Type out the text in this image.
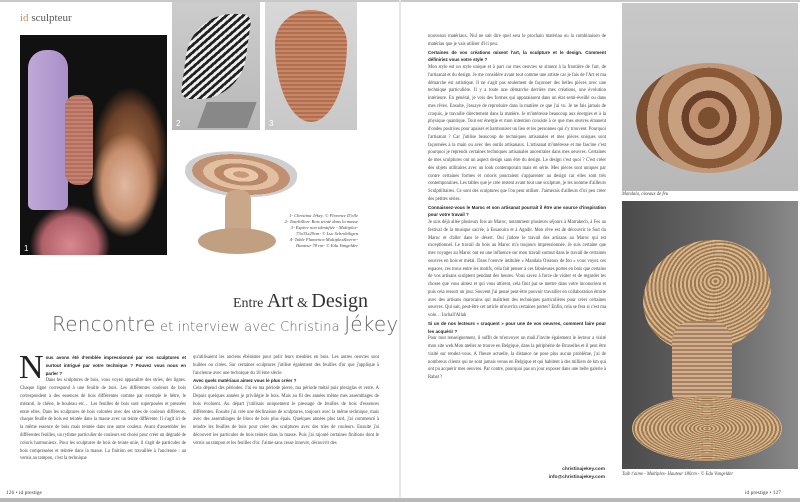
id sculpteur
1
2	3
1- Christina Jékey. © Florence D'elle
2- Tourbillon- Bois teinté dans la masse
3- Espèce non identifiée - Multiplex-
73x35x29cm- © Luc Schrobiltgen
4- Table Flamenco-Multiplex&verre-
Hauteur 78 cm- © Edu Vangelder
Entre Art & Design
Rencontre et interview avec Christina Jékey
N ous avons été d'emblée impressionné par vos sculptures et surtout intrigué par votre technique ? Pouvez vous nous en parler ?

Dans les sculptures de bois, vous voyez apparaître des stries, des lignes. Chaque ligne correspond à une feuille de bois. Les différentes couleurs de bois correspondent à des essences de bois différentes comme par exemple le hêtre, le méranti, le chêne, le bouleau etc… Les feuilles de bois sont superposées et pressées entre elles. Dans les sculptures de bois colorées avec des stries de couleurs différents, chaque feuille de bois est teintée dans la masse avec un teinte différente. Il s'agit ici de la même essence de bois mais teintée dans une autre couleur. Avant d'assembler les différentes feuilles, un rythme particulier de couleurs est choisi pour créer un dégradé de coloris harmonieux. Pour les sculptures de bois de teinte unie, il s'agit de particules de bois compressées et teintée dans la masse. La finition est travaillée à l'ancienne : au vernis au tampon, c'est la technique

qu'utilisaient les anciens ébénistes pour polir leurs meubles en bois. Les autres oeuvres sont huilées ou cirées. Sur certaines sculptures j'utilise également des feuilles d'or que j'applique à l'ancienne avec une technique du 18 ème siècle.

Avec quels matériaux aimez vous le plus créer ?

Cela dépend des périodes. J'ai eu ma période pierre, ma période métal puis plexiglas et verre. A Depuis quelques années je privilégie le bois. Mais au fil des années même mes assemblages de bois évoluent. Au départ j'utilisais uniquement le pressage de feuilles de bois d'essences différentes. Ensuite j'ai crée une déclinaison de sculptures, toujours avec la même technique, mais avec des assemblages de blocs de bois plus épais. Quelques années plus tard, j'ai commencé à teindre les feuilles de bois pour créer des sculptures avec des tries de couleurs. Ensuite j'ai découvert les particules de bois teintés dans la masse. Puis j'ai rajouté certaines finitions dont le vernis au tampon et les feuilles d'or. J'aime sans cesse innover, découvrir des

126 • id prestige

nouveaux matériaux. Nul ne sait dire quel sera le prochain matériau ou la combinaison de matériau que je vais utiliser d'ici peu.

Certaines de vos créations mixent l'art, la sculpture et le design. Comment définiriez vous votre style ?

Mon style est un style unique et à part car mes oeuvres se situent à la frontière de l'art, de l'artisanat et du design. Je me considère avant tout comme une artiste car je fais de l'Art et ma démarche est artistique. Il ne s'agit pas seulement de façonner des belles pièces avec une technique particulière. Il y a toute une démarche derrière mes créations, une évolution intérieure. En général, je vois des formes qui apparaissent dans un état semi-éveillé ou dans mes rêves. Ensuite, j'essaye de reproduire dans la matière ce que j'ai vu. Je ne fais jamais de croquis, je travaille directement dans la matière. Je m'intéresse beaucoup aux énergies et à la physique quantique. Tout est énergie et mon intention consiste à ce que mes œuvres émanent d'ondes positives pour apaiser et harmoniser un lieu et les personnes qui s'y trouvent. Pourquoi l'artisanat ? Car j'utilise beaucoup de techniques artisanales et mes pièces uniques sont façonnées à la main ou avec des outils artisanaux. L'artisanat m'intéresse et me fascine c'est pourquoi je reprends certaines techniques artisanales ancestrales dans mes oeuvres. Certaines de mes sculptures ont un aspect design sans être du design. Le design c'est quoi ? C'est créer des objets utilitaires avec un look contemporain mais en série. Mes pièces sont uniques par contre certaines formes et coloris pourraient s'apparenter au design car elles sont très contemporaines. Les tables que je crée restent avant tout une sculpture, je les nomme d'ailleurs Sculptilitaires. Ce sont des sculptures que l'on peut utiliser. J'aimerais d'ailleurs d'ici peu créer des petites séries.

Connaissez-vous le Maroc et son artisanat pourrait il être une source d'inspiration pour votre travail ?

Je suis déjà allée plusieurs fois au Maroc, notamment plusieurs séjours à Marrakech, à Fes au festival de la musique sacrée, à Essaouira et à Agadir. Mon rêve est de découvrir le Sud du Maroc et d'aller dans le désert. Oui j'adore le travail des artisans au Maroc qui est exceptionnel. Le travail du bois au Maroc m'a toujours impressionnée. Je suis certaine que mes voyages au Maroc ont eu une influence sur mon travail surtout dans le travail de certaines oeuvres en bois et métal. Dans l'oeuvre intitulée « Mandala Oiseaux de feu » vous voyez ces espaces, ces trous entre les motifs, cela fait penser à ces fabuleuses portes en bois que certains de vos artisans sculptent pendant des heures. Vous savez à force de visiter et de regarder les choses que vous aimez et qui vous attirent, cela finit par se mettre dans votre inconscient et puis cela ressort un jour. Souvent j'ai pensé peut-être pouvoir travailler en collaboration étroite avec des artisans marocains qui maîtrient des techniques particulières pour créer certaines oeuvres. Qui sait, peut-être cet article m'ouvrira certaines portes? Enfin, cela se fera si c'est ma voie… Inchall'Allah

Si un de nos lecteurs « craquent » pour une de vos oeuvres, comment faire pour les acquérir ?

Pour tout renseignement, il suffit de m'envoyer un mail.J'invite également le lecteur a visité mon site web.Mon atelier se trouve en Belgique, dans la périphérie de Bruxelles et il peut être visité sur rendez-vous. A l'heure actuelle, la distance ne pose plus aucun problème, j'ai de nombreux clients qui ne sont jamais venus en Belgique et qui habitent à des milliers de km qui ont pu acquérir mes oeuvres. Par contre, pourquoi pas un jour exposer dans une belle galerie à Rabat ?

christinajekey.com
info@christinajekey.com
Mandala, oiseaux de feu
Tuib t'aime - Multiplex- Hauteur 180cm - © Edu Vangelder
id prestige • 127
